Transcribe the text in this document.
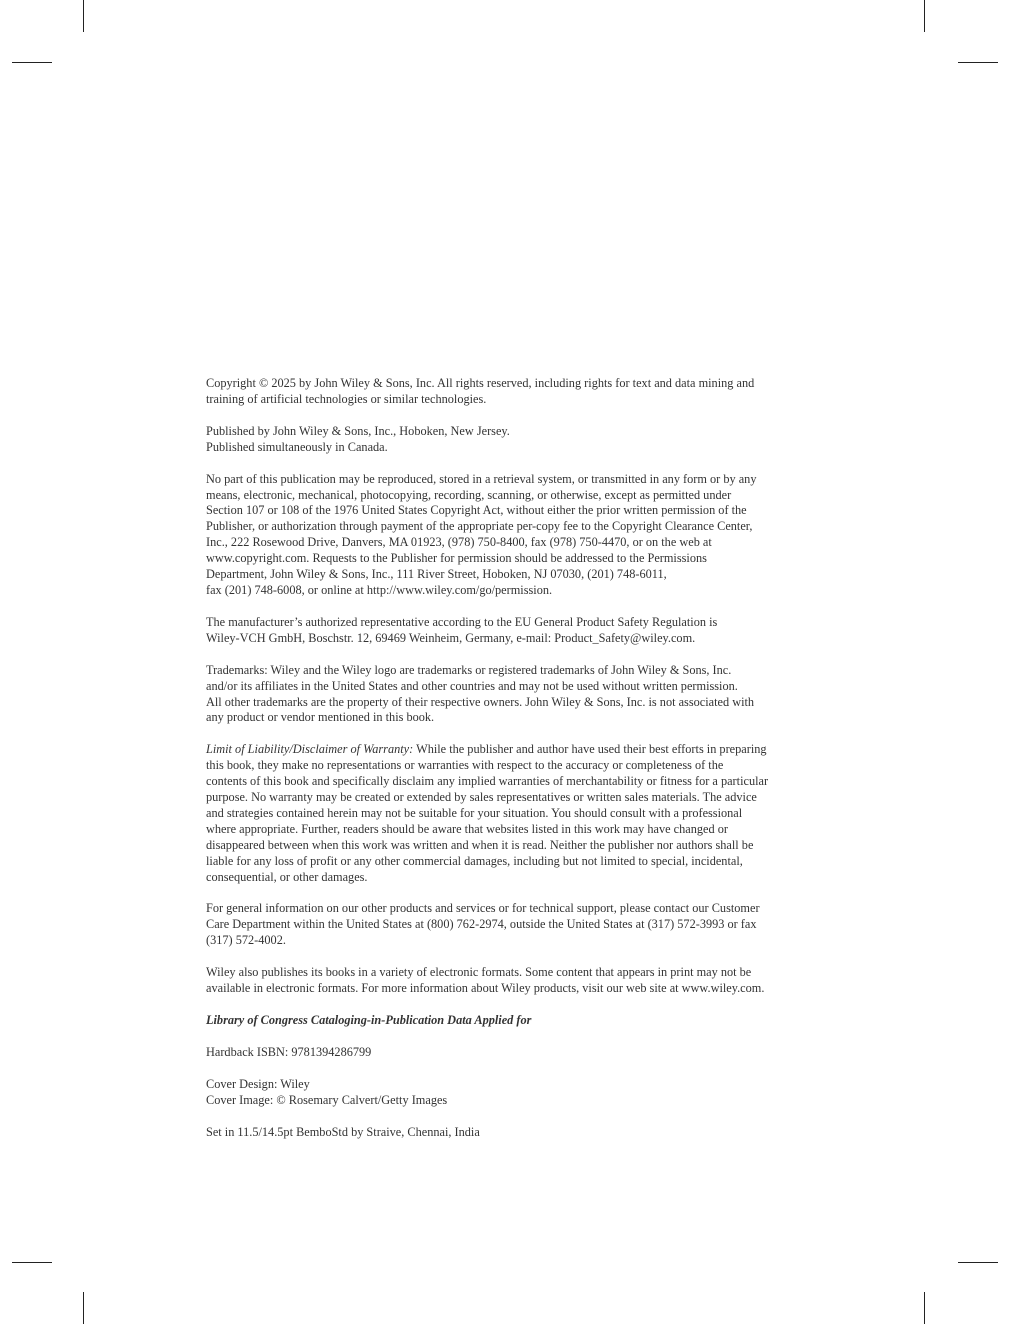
Copyright © 2025 by John Wiley & Sons, Inc. All rights reserved, including rights for text and data mining and
training of artificial technologies or similar technologies.
Published by John Wiley & Sons, Inc., Hoboken, New Jersey.
Published simultaneously in Canada.
No part of this publication may be reproduced, stored in a retrieval system, or transmitted in any form or by any
means, electronic, mechanical, photocopying, recording, scanning, or otherwise, except as permitted under
Section 107 or 108 of the 1976 United States Copyright Act, without either the prior written permission of the
Publisher, or authorization through payment of the appropriate per-copy fee to the Copyright Clearance Center,
Inc., 222 Rosewood Drive, Danvers, MA 01923, (978) 750-8400, fax (978) 750-4470, or on the web at
www.copyright.com. Requests to the Publisher for permission should be addressed to the Permissions
Department, John Wiley & Sons, Inc., 111 River Street, Hoboken, NJ 07030, (201) 748-6011,
fax (201) 748-6008, or online at http://www.wiley.com/go/permission.
The manufacturer’s authorized representative according to the EU General Product Safety Regulation is
Wiley-VCH GmbH, Boschstr. 12, 69469 Weinheim, Germany, e-mail: Product_Safety@wiley.com.
Trademarks: Wiley and the Wiley logo are trademarks or registered trademarks of John Wiley & Sons, Inc.
and/or its affiliates in the United States and other countries and may not be used without written permission.
All other trademarks are the property of their respective owners. John Wiley & Sons, Inc. is not associated with
any product or vendor mentioned in this book.
Limit of Liability/Disclaimer of Warranty: While the publisher and author have used their best efforts in preparing
this book, they make no representations or warranties with respect to the accuracy or completeness of the
contents of this book and specifically disclaim any implied warranties of merchantability or fitness for a particular
purpose. No warranty may be created or extended by sales representatives or written sales materials. The advice
and strategies contained herein may not be suitable for your situation. You should consult with a professional
where appropriate. Further, readers should be aware that websites listed in this work may have changed or
disappeared between when this work was written and when it is read. Neither the publisher nor authors shall be
liable for any loss of profit or any other commercial damages, including but not limited to special, incidental,
consequential, or other damages.
For general information on our other products and services or for technical support, please contact our Customer
Care Department within the United States at (800) 762-2974, outside the United States at (317) 572-3993 or fax
(317) 572-4002.
Wiley also publishes its books in a variety of electronic formats. Some content that appears in print may not be
available in electronic formats. For more information about Wiley products, visit our web site at www.wiley.com.
Library of Congress Cataloging-in-Publication Data Applied for
Hardback ISBN: 9781394286799
Cover Design: Wiley
Cover Image: © Rosemary Calvert/Getty Images
Set in 11.5/14.5pt BemboStd by Straive, Chennai, India
